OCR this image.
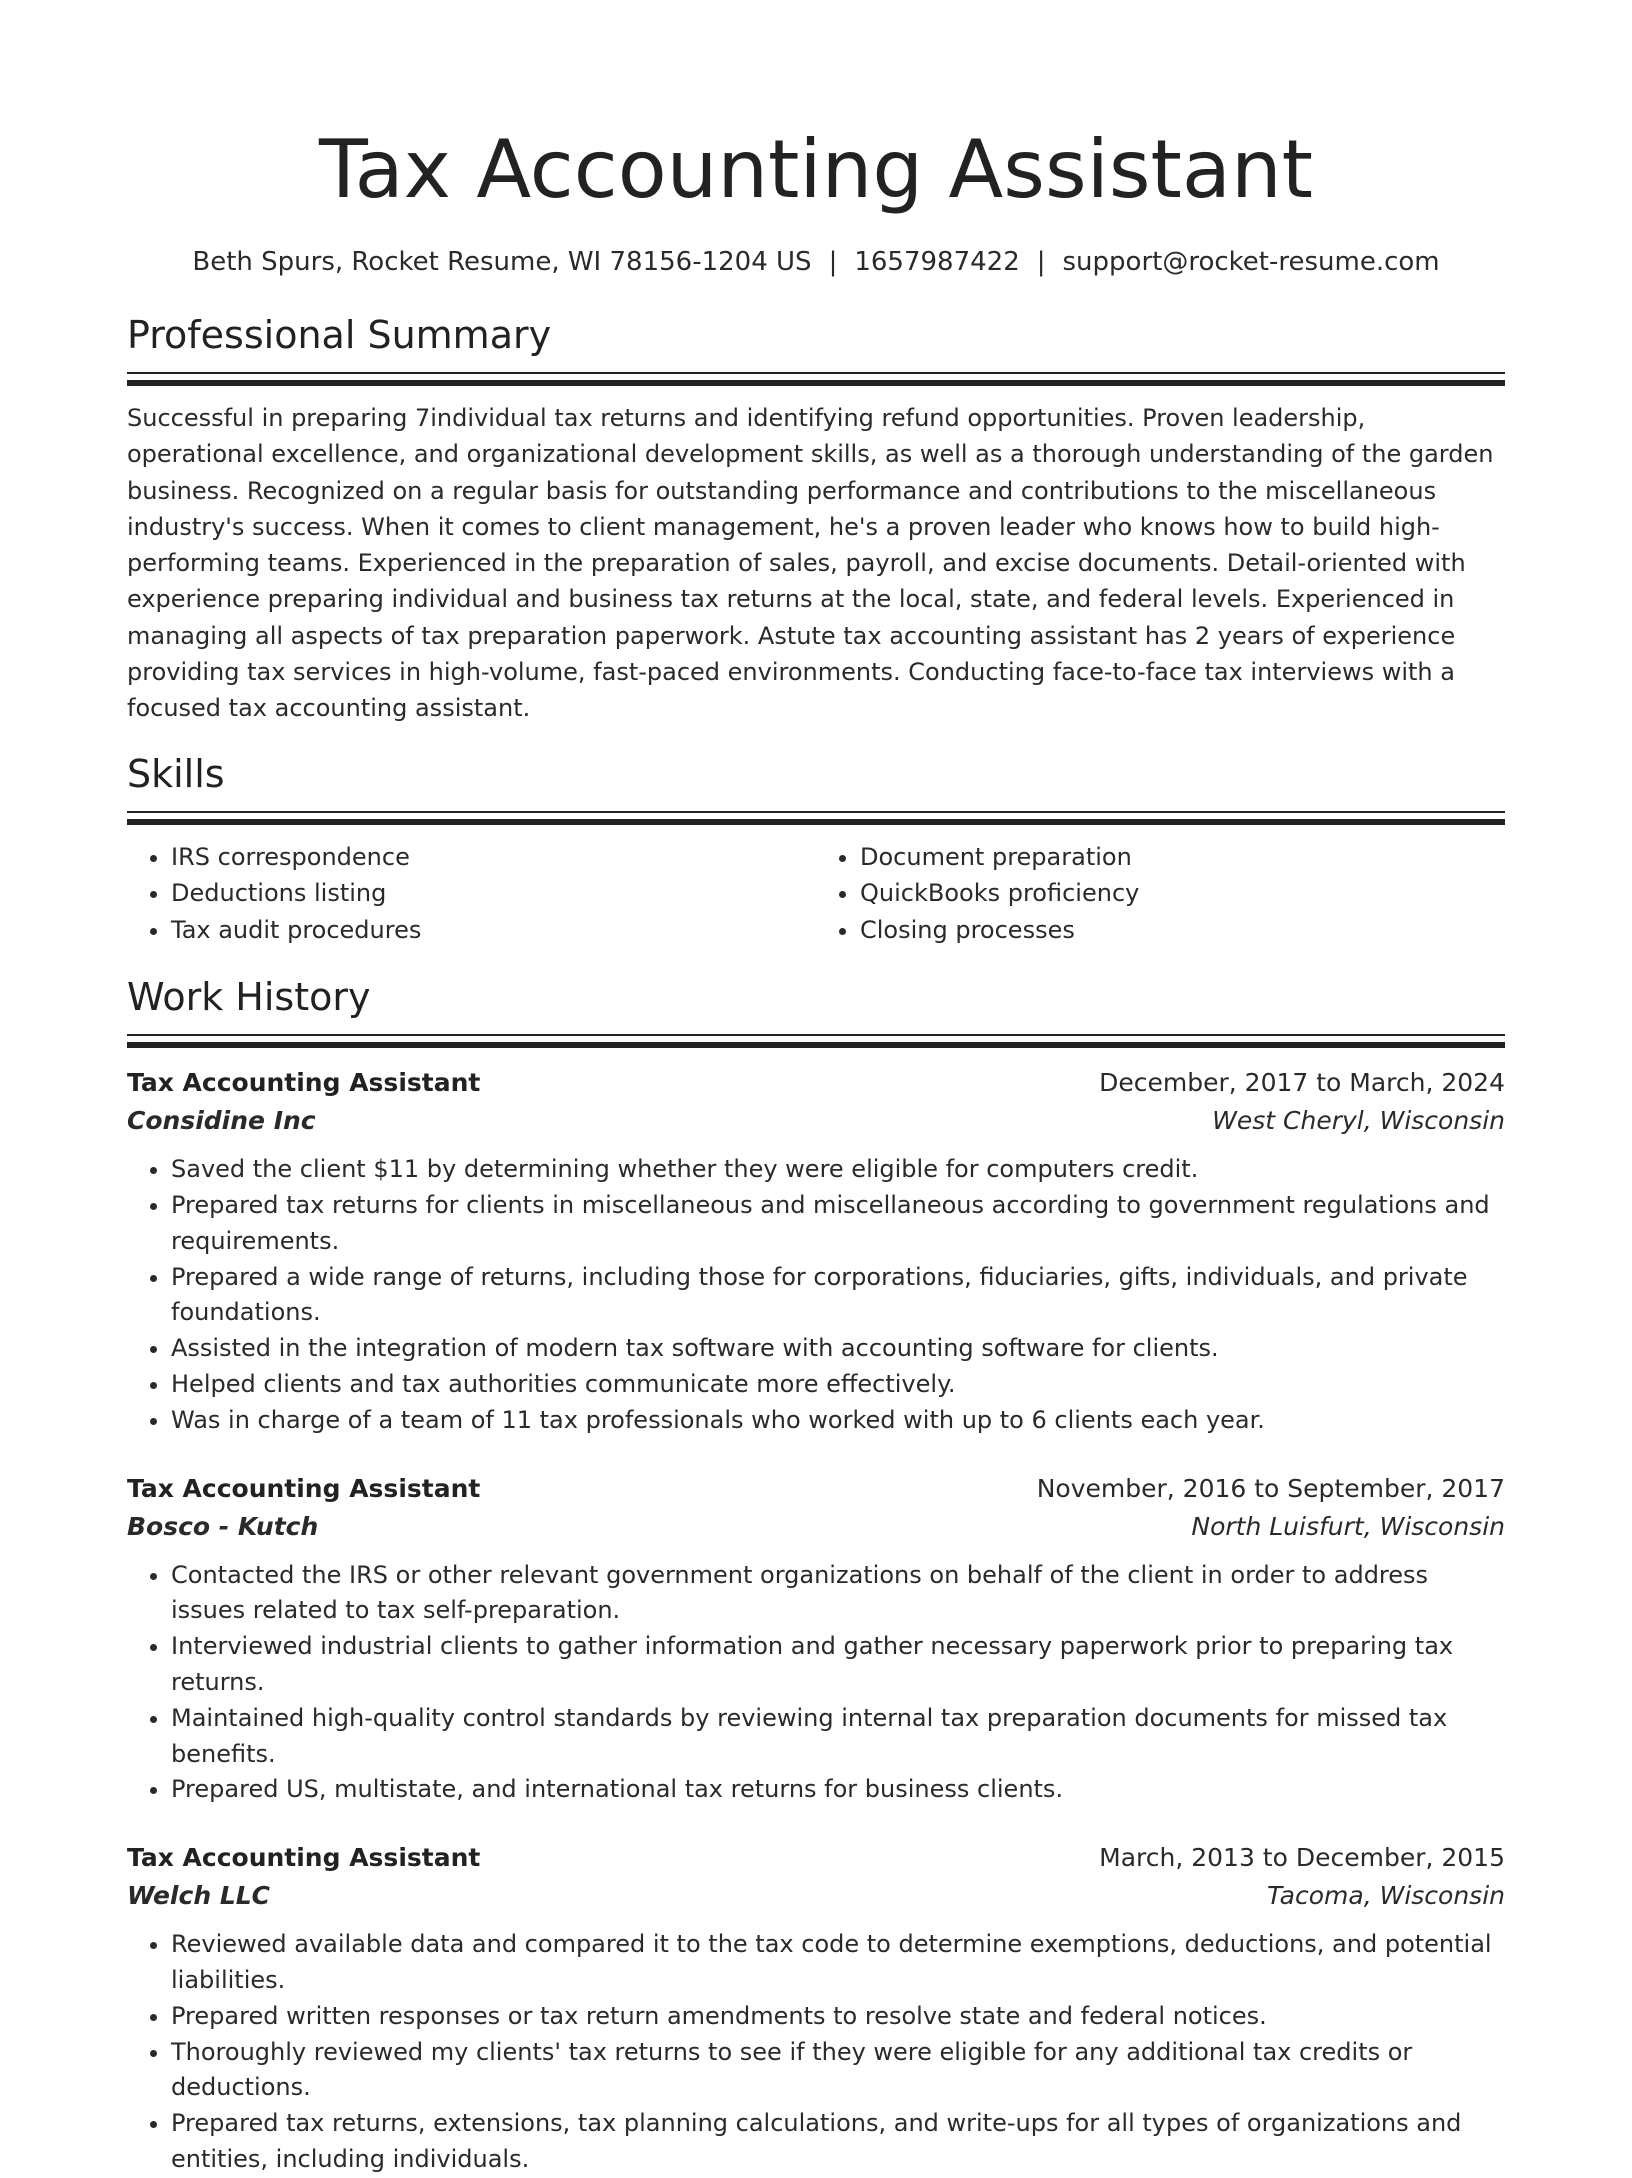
Tax Accounting Assistant
Beth Spurs, Rocket Resume, WI 78156-1204 US | 1657987422 | support@rocket-resume.com
Professional Summary
Successful in preparing 7individual tax returns and identifying refund opportunities. Proven leadership, operational excellence, and organizational development skills, as well as a thorough understanding of the garden business. Recognized on a regular basis for outstanding performance and contributions to the miscellaneous industry's success. When it comes to client management, he's a proven leader who knows how to build high-performing teams. Experienced in the preparation of sales, payroll, and excise documents. Detail-oriented with experience preparing individual and business tax returns at the local, state, and federal levels. Experienced in managing all aspects of tax preparation paperwork. Astute tax accounting assistant has 2 years of experience providing tax services in high-volume, fast-paced environments. Conducting face-to-face tax interviews with a focused tax accounting assistant.
Skills
• IRS correspondence
• Deductions listing
• Tax audit procedures
• Document preparation
• QuickBooks proficiency
• Closing processes
Work History
Tax Accounting Assistant	December, 2017 to March, 2024
Considine Inc	West Cheryl, Wisconsin
• Saved the client $11 by determining whether they were eligible for computers credit.
• Prepared tax returns for clients in miscellaneous and miscellaneous according to government regulations and requirements.
• Prepared a wide range of returns, including those for corporations, fiduciaries, gifts, individuals, and private foundations.
• Assisted in the integration of modern tax software with accounting software for clients.
• Helped clients and tax authorities communicate more effectively.
• Was in charge of a team of 11 tax professionals who worked with up to 6 clients each year.
Tax Accounting Assistant	November, 2016 to September, 2017
Bosco - Kutch	North Luisfurt, Wisconsin
• Contacted the IRS or other relevant government organizations on behalf of the client in order to address issues related to tax self-preparation.
• Interviewed industrial clients to gather information and gather necessary paperwork prior to preparing tax returns.
• Maintained high-quality control standards by reviewing internal tax preparation documents for missed tax benefits.
• Prepared US, multistate, and international tax returns for business clients.
Tax Accounting Assistant	March, 2013 to December, 2015
Welch LLC	Tacoma, Wisconsin
• Reviewed available data and compared it to the tax code to determine exemptions, deductions, and potential liabilities.
• Prepared written responses or tax return amendments to resolve state and federal notices.
• Thoroughly reviewed my clients' tax returns to see if they were eligible for any additional tax credits or deductions.
• Prepared tax returns, extensions, tax planning calculations, and write-ups for all types of organizations and entities, including individuals.
